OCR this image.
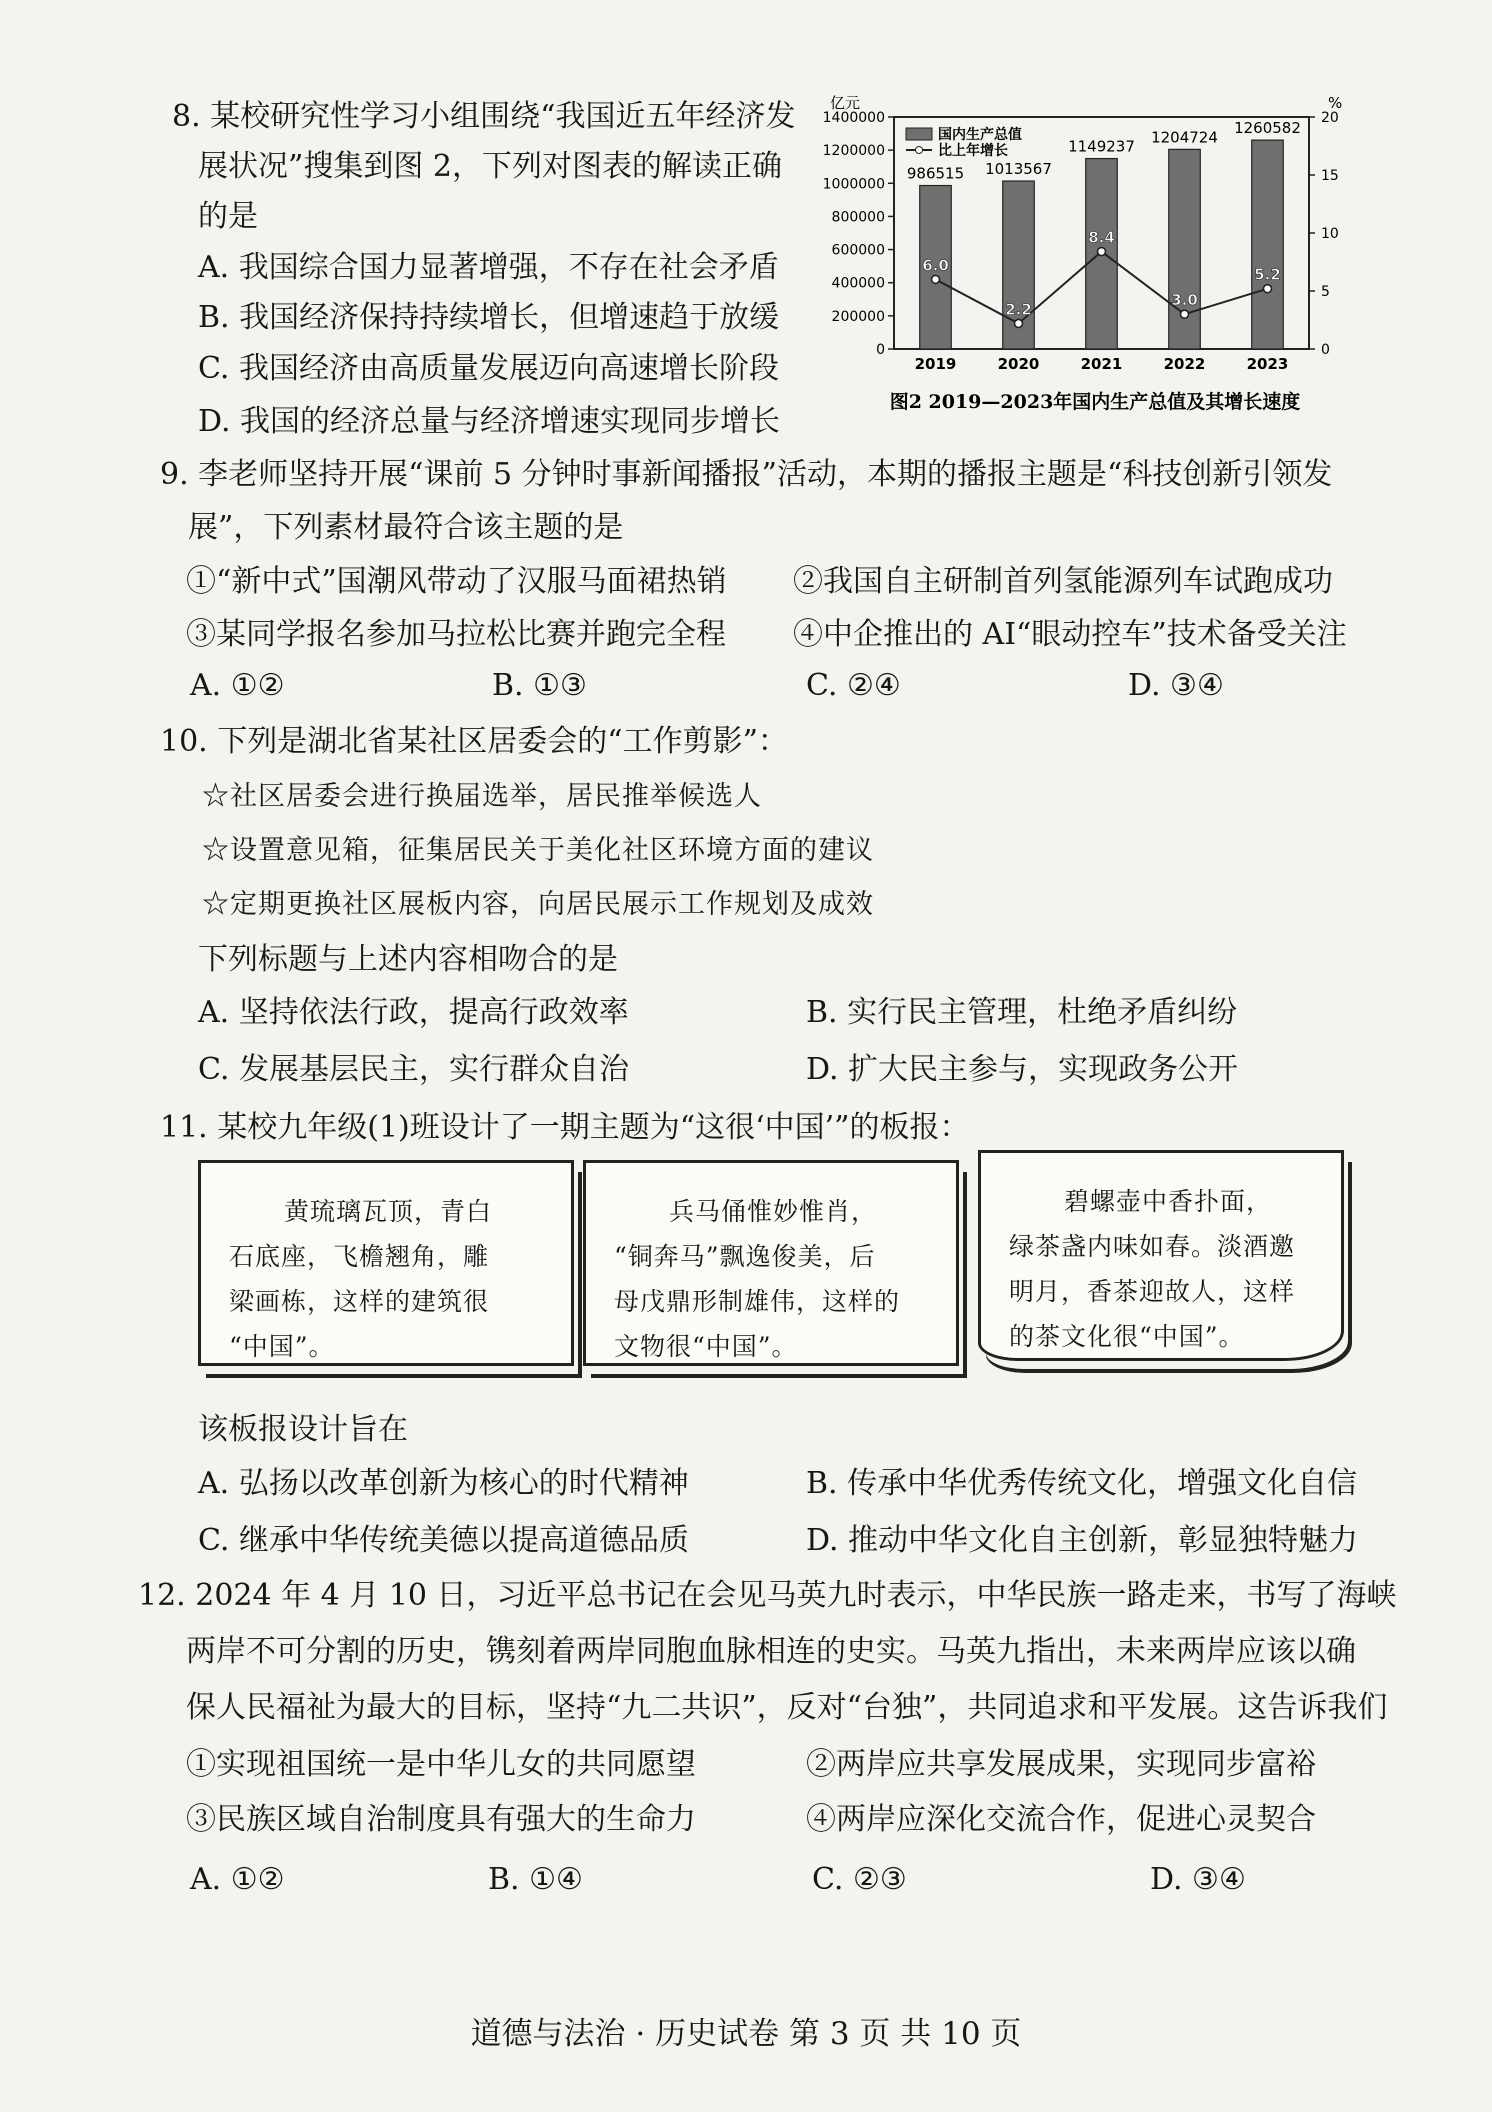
8. 某校研究性学习小组围绕“我国近五年经济发
展状况”搜集到图 2，下列对图表的解读正确
的是
A. 我国综合国力显著增强，不存在社会矛盾
B. 我国经济保持持续增长，但增速趋于放缓
C. 我国经济由高质量发展迈向高速增长阶段
D. 我国的经济总量与经济增速实现同步增长
亿元	%
1400000
1200000
1000000
800000
600000
400000
200000
0
20
15
10
5
0
986515 1013567
1149237
1204724
1260582
6.0
2.2
8.4
3.0
5.2
国内生产总值
比上年增长
2019	2020	2021	2022	2023
图2 2019—2023年国内生产总值及其增长速度
9. 李老师坚持开展“课前 5 分钟时事新闻播报”活动，本期的播报主题是“科技创新引领发
展”，下列素材最符合该主题的是
①“新中式”国潮风带动了汉服马面裙热销 ②我国自主研制首列氢能源列车试跑成功
③某同学报名参加马拉松比赛并跑完全程 ④中企推出的 AI“眼动控车”技术备受关注
A. ①②	B. ①③	C. ②④	D. ③④
10. 下列是湖北省某社区居委会的“工作剪影”：
☆社区居委会进行换届选举，居民推举候选人
☆设置意见箱，征集居民关于美化社区环境方面的建议
☆定期更换社区展板内容，向居民展示工作规划及成效
下列标题与上述内容相吻合的是
A. 坚持依法行政，提高行政效率	B. 实行民主管理，杜绝矛盾纠纷
C. 发展基层民主，实行群众自治	D. 扩大民主参与，实现政务公开
11. 某校九年级(1)班设计了一期主题为“这很‘中国’”的板报：
黄琉璃瓦顶，青白
石底座，飞檐翘角，雕
梁画栋，这样的建筑很
“中国”。
兵马俑惟妙惟肖，
“铜奔马”飘逸俊美，后
母戊鼎形制雄伟，这样的
文物很“中国”。
碧螺壶中香扑面，
绿茶盏内味如春。淡酒邀
明月，香茶迎故人，这样
的茶文化很“中国”。
该板报设计旨在
A. 弘扬以改革创新为核心的时代精神	B. 传承中华优秀传统文化，增强文化自信
C. 继承中华传统美德以提高道德品质	D. 推动中华文化自主创新，彰显独特魅力
12. 2024 年 4 月 10 日，习近平总书记在会见马英九时表示，中华民族一路走来，书写了海峡
两岸不可分割的历史，镌刻着两岸同胞血脉相连的史实。马英九指出，未来两岸应该以确
保人民福祉为最大的目标，坚持“九二共识”，反对“台独”，共同追求和平发展。这告诉我们
①实现祖国统一是中华儿女的共同愿望	②两岸应共享发展成果，实现同步富裕
③民族区域自治制度具有强大的生命力	④两岸应深化交流合作，促进心灵契合
A. ①②	B. ①④	C. ②③	D. ③④
道德与法治 · 历史试卷 第 3 页 共 10 页
